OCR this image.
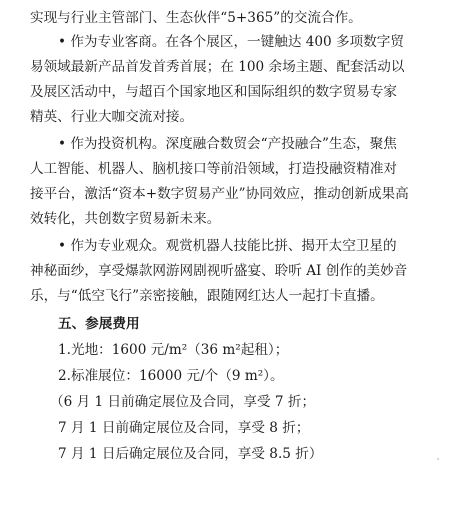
实现与行业主管部门、生态伙伴“5+365”的交流合作。
• 作为专业客商。在各个展区，一键触达 400 多项数字贸
易领域最新产品首发首秀首展；在 100 余场主题、配套活动以
及展区活动中，与超百个国家地区和国际组织的数字贸易专家
精英、行业大咖交流对接。
• 作为投资机构。深度融合数贸会“产投融合”生态，聚焦
人工智能、机器人、脑机接口等前沿领域，打造投融资精准对
接平台，激活“资本+数字贸易产业”协同效应，推动创新成果高
效转化，共创数字贸易新未来。
• 作为专业观众。观赏机器人技能比拼、揭开太空卫星的
神秘面纱，享受爆款网游网剧视听盛宴、聆听 AI 创作的美妙音
乐，与“低空飞行”亲密接触，跟随网红达人一起打卡直播。
五、参展费用
1.光地：1600 元/m²（36 m²起租）；
2.标准展位：16000 元/个（9 m²）。
（6 月 1 日前确定展位及合同，享受 7 折；
7 月 1 日前确定展位及合同，享受 8 折；
7 月 1 日后确定展位及合同，享受 8.5 折）
